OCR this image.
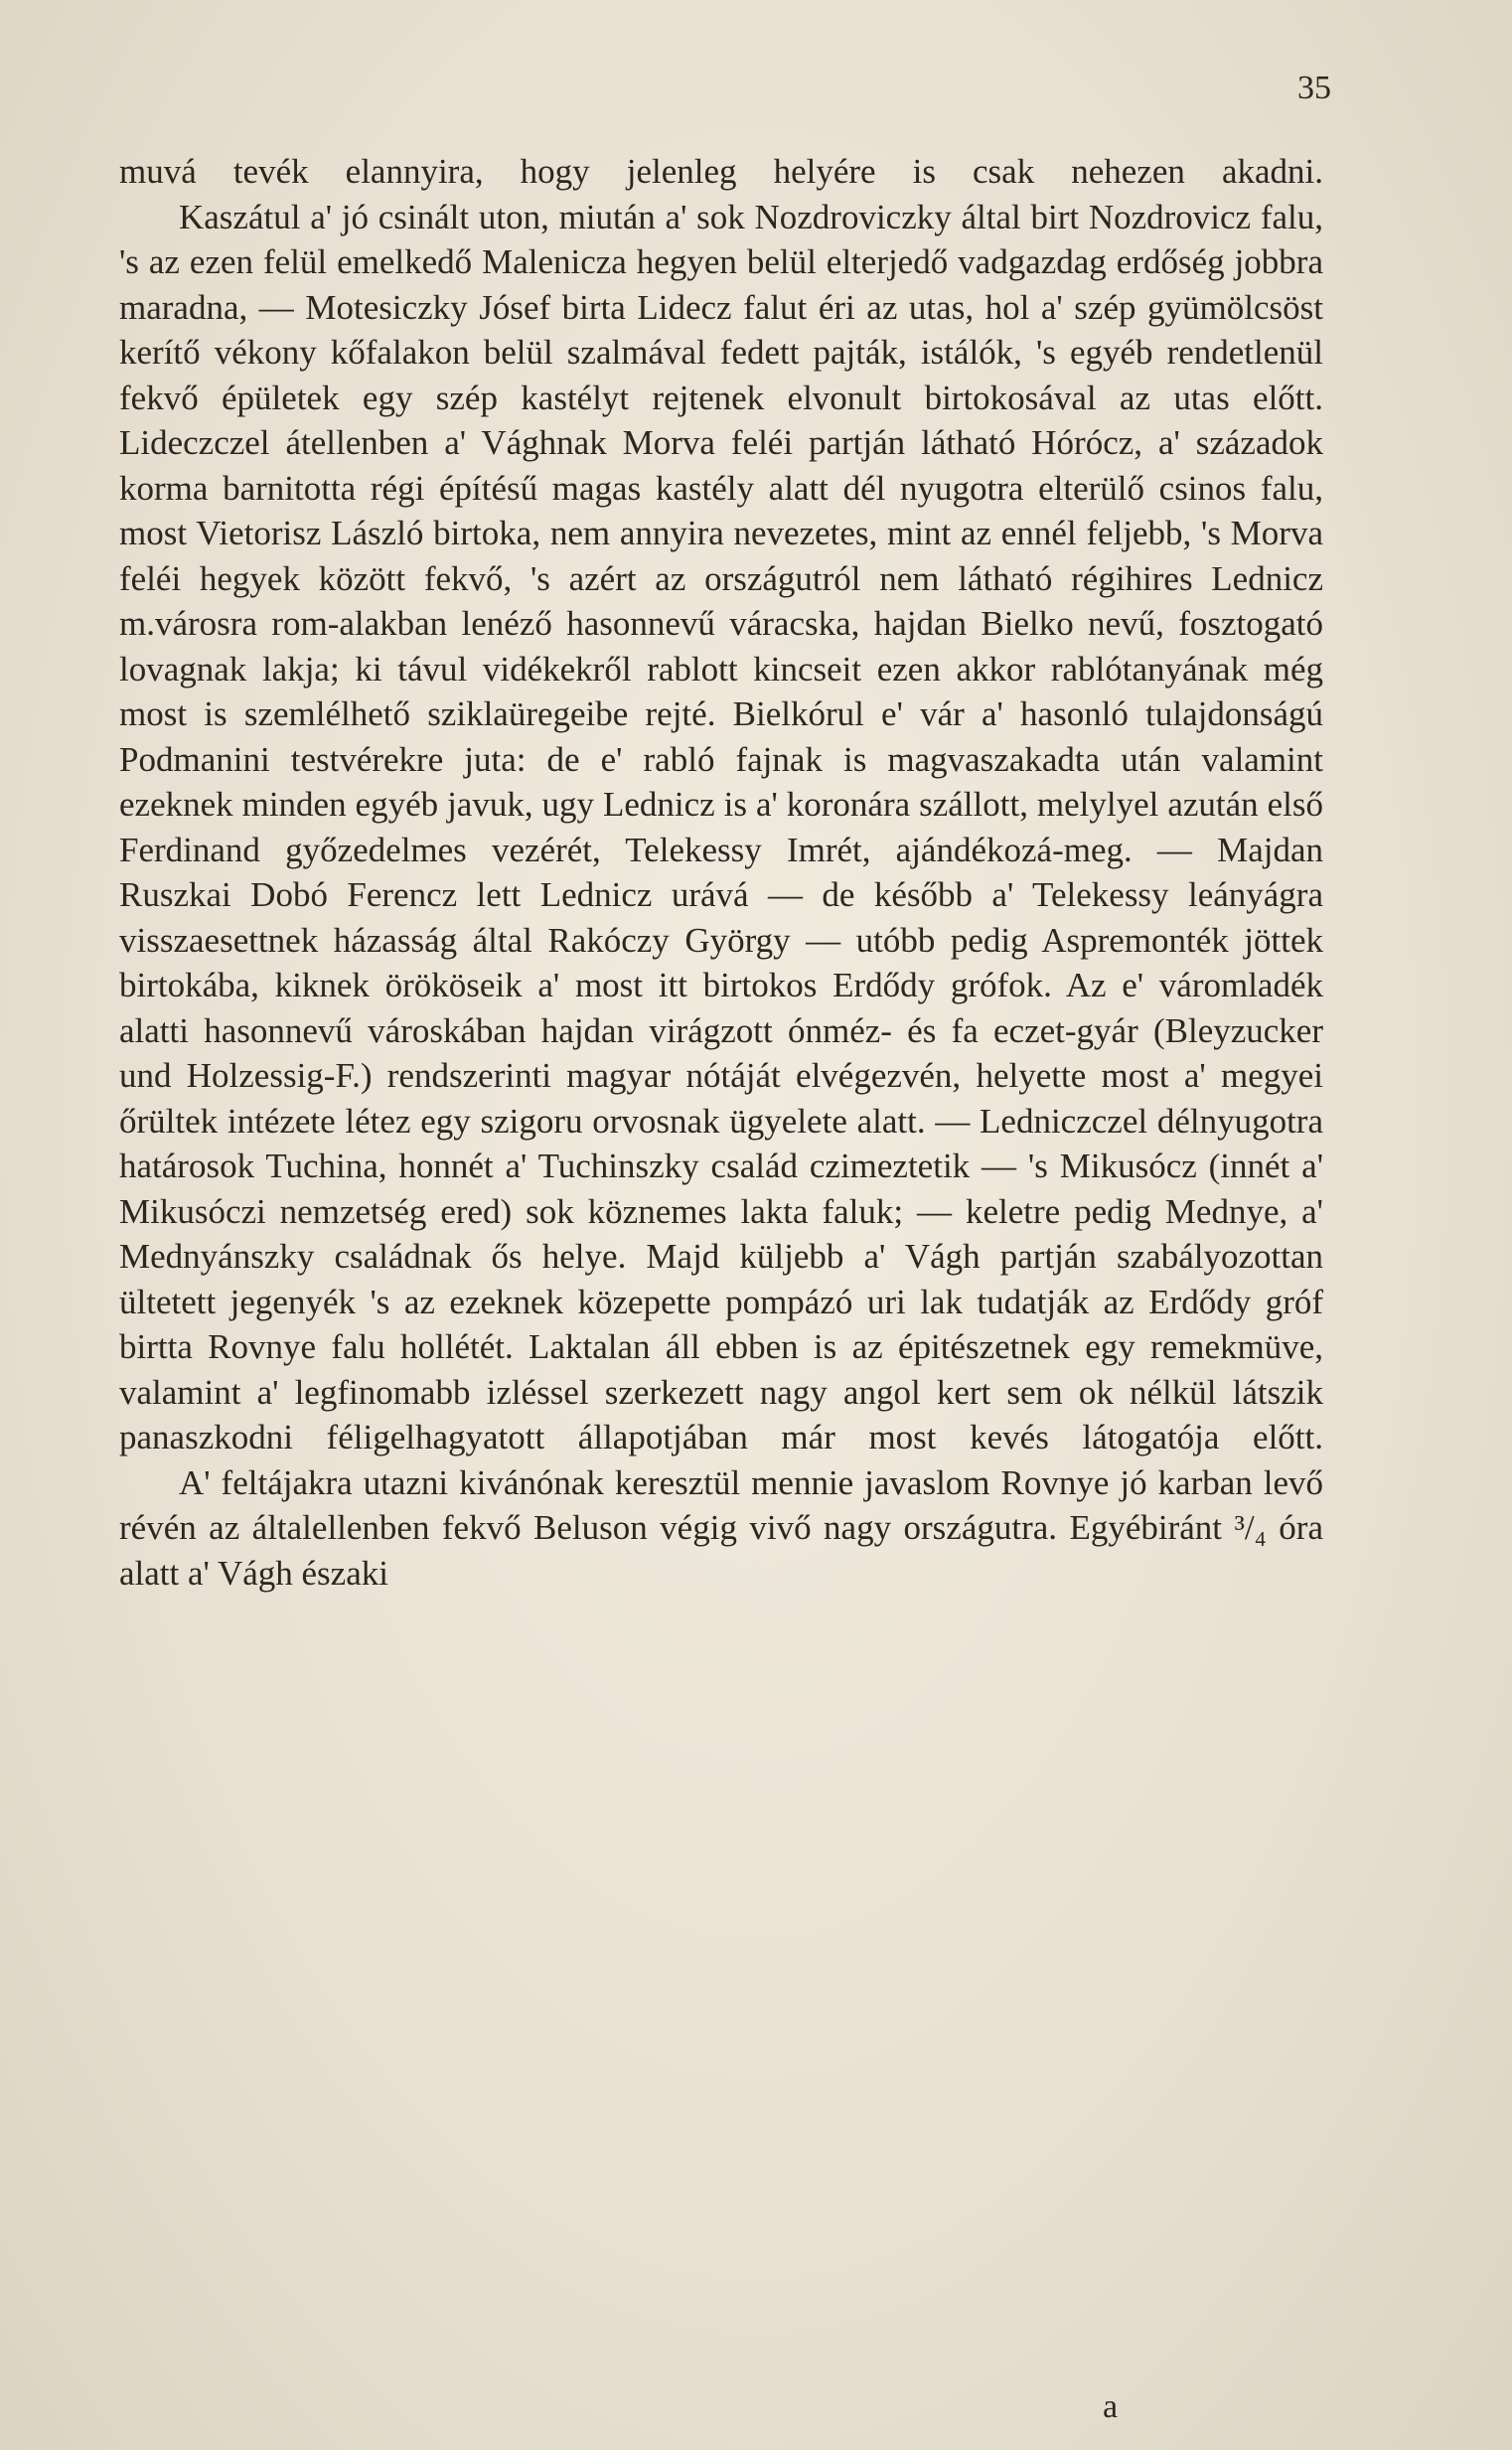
35

muvá tevék elannyira, hogy jelenleg helyére is csak nehezen akadni.

Kaszátul a' jó csinált uton, miután a' sok Nozdroviczky által birt Nozdrovicz falu, 's az ezen felül emelkedő Malenicza hegyen belül elterjedő vadgazdag erdőség jobbra maradna, — Motesiczky Jósef birta Lidecz falut éri az utas, hol a' szép gyümölcsöst kerítő vékony kőfalakon belül szalmával fedett pajták, istálók, 's egyéb rendetlenül fekvő épületek egy szép kastélyt rejtenek elvonult birtokosával az utas előtt. Lideczczel átellenben a' Vághnak Morva feléi partján látható Hórócz, a' századok korma barnitotta régi építésű magas kastély alatt dél nyugotra elterülő csinos falu, most Vietorisz László birtoka, nem annyira nevezetes, mint az ennél feljebb, 's Morva feléi hegyek között fekvő, 's azért az országutról nem látható régihires Lednicz m.városra rom-alakban lenéző hasonnevű váracska, hajdan Bielko nevű, fosztogató lovagnak lakja; ki távul vidékekről rablott kincseit ezen akkor rablótanyának még most is szemlélhető sziklaüregeibe rejté. Bielkórul e' vár a' hasonló tulajdonságú Podmanini testvérekre juta: de e' rabló fajnak is magvaszakadta után valamint ezeknek minden egyéb javuk, ugy Lednicz is a' koronára szállott, melylyel azután első Ferdinand győzedelmes vezérét, Telekessy Imrét, ajándékozá-meg. — Majdan Ruszkai Dobó Ferencz lett Lednicz urává — de később a' Telekessy leányágra visszaesettnek házasság által Rakóczy György — utóbb pedig Aspremonték jöttek birtokába, kiknek örököseik a' most itt birtokos Erdődy grófok. Az e' váromladék alatti hasonnevű városkában hajdan virágzott ónméz- és fa eczet-gyár (Bleyzucker und Holzessig-F.) rendszerinti magyar nótáját elvégezvén, helyette most a' megyei őrültek intézete létez egy szigoru orvosnak ügyelete alatt. — Ledniczczel délnyugotra határosok Tuchina, honnét a' Tuchinszky család czimeztetik — 's Mikusócz (innét a' Mikusóczi nemzetség ered) sok köznemes lakta faluk; — keletre pedig Mednye, a' Mednyánszky családnak ős helye. Majd küljebb a' Vágh partján szabályozottan ültetett jegenyék 's az ezeknek közepette pompázó uri lak tudatják az Erdődy gróf birtta Rovnye falu hollétét. Laktalan áll ebben is az épitészetnek egy remekmüve, valamint a' legfinomabb izléssel szerkezett nagy angol kert sem ok nélkül látszik panaszkodni féligelhagyatott állapotjában már most kevés látogatója előtt.

A' feltájakra utazni kivánónak keresztül mennie javaslom Rovnye jó karban levő révén az általellenben fekvő Beluson végig vivő nagy országutra. Egyébiránt ³/₄ óra alatt a' Vágh északi

a
